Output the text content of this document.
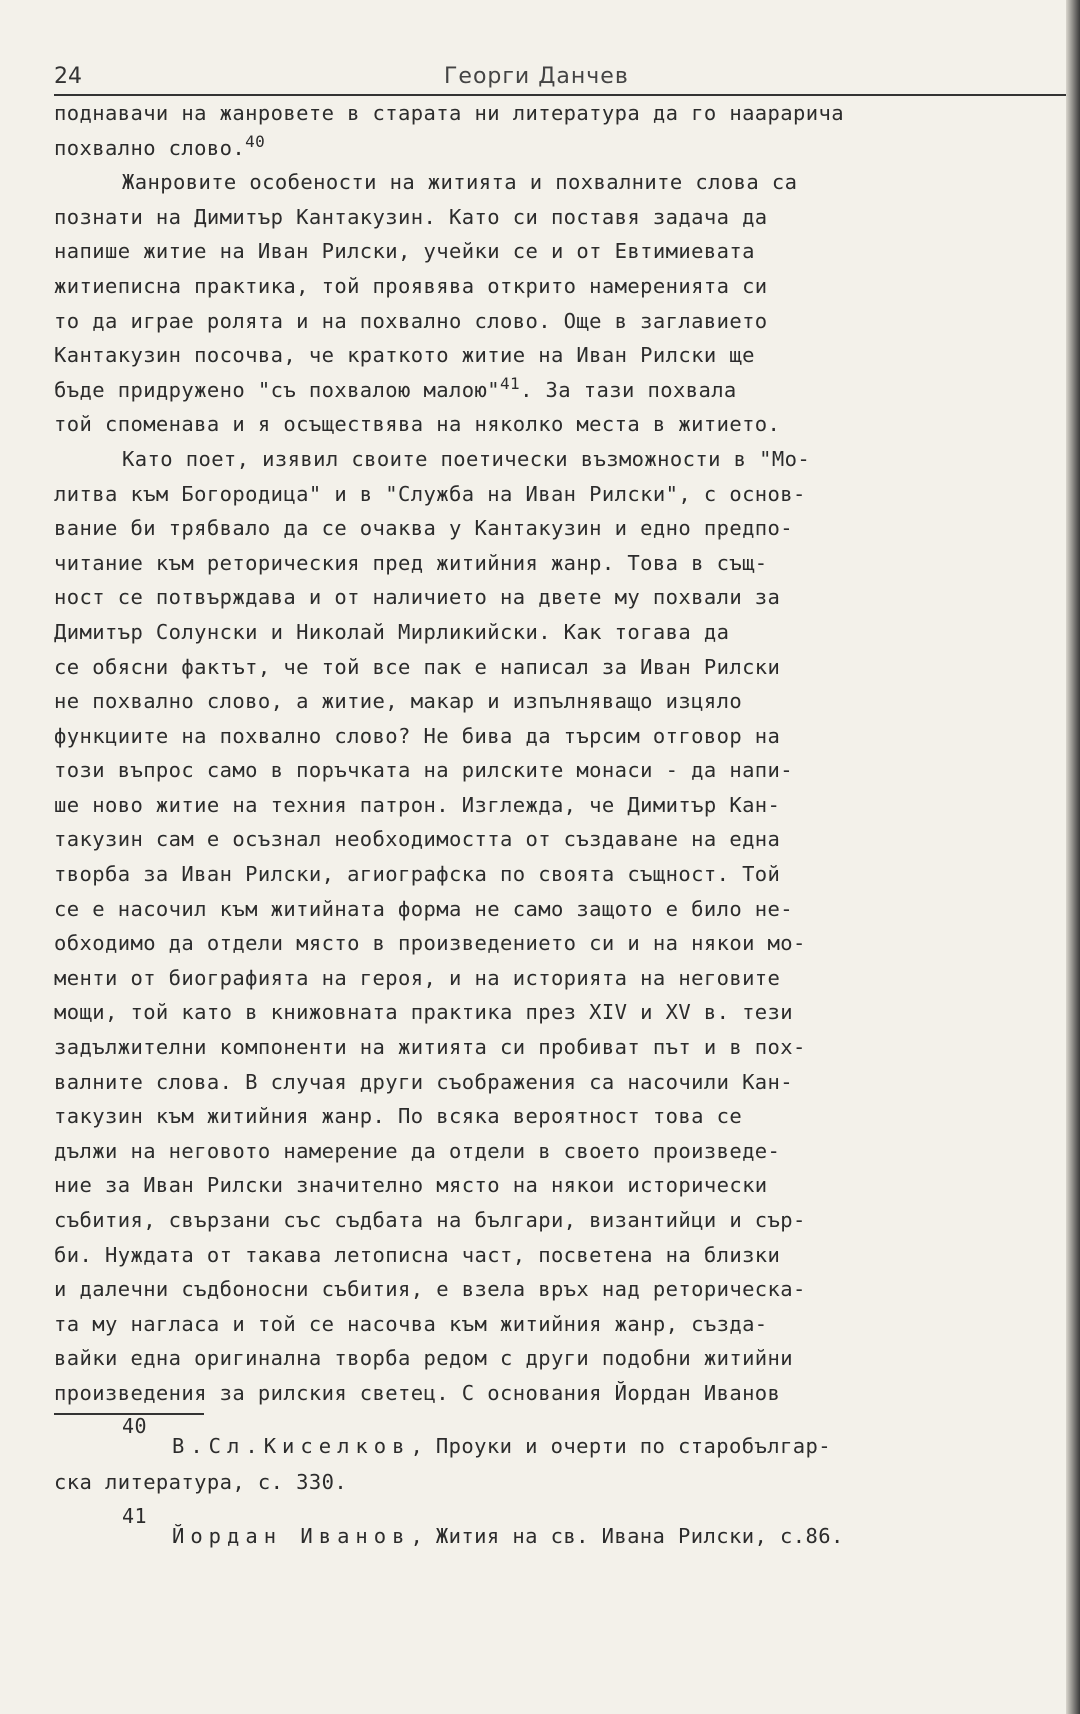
24	Георги Данчев
поднавачи на жанровете в старата ни литература да го наарарича
похвално слово.$^{40}$
Жанровите особености на житията и похвалните слова са
познати на Димитър Кантакузин. Като си поставя задача да
напише житие на Иван Рилски, учейки се и от Евтимиевата
житиеписна практика, той проявява открито намеренията си
то да играе ролята и на похвално слово. Още в заглавието
Кантакузин посочва, че краткото житие на Иван Рилски ще
бъде придружено "съ похвалою малою"$^{41}$. За тази похвала
той споменава и я осъществява на няколко места в житието.
Като поет, изявил своите поетически възможности в "Мо-
литва към Богородица" и в "Служба на Иван Рилски", с основ-
вание би трябвало да се очаква у Кантакузин и едно предпо-
читание към реторическия пред житийния жанр. Това в същ-
ност се потвърждава и от наличието на двете му похвали за
Димитър Солунски и Николай Мирликийски. Как тогава да
се обясни фактът, че той все пак е написал за Иван Рилски
не похвално слово, а житие, макар и изпълняващо изцяло
функциите на похвално слово? Не бива да търсим отговор на
този въпрос само в поръчката на рилските монаси - да напи-
ше ново житие на техния патрон. Изглежда, че Димитър Кан-
такузин сам е осъзнал необходимостта от създаване на една
творба за Иван Рилски, агиографска по своята същност. Той
се е насочил към житийната форма не само защото е било не-
обходимо да отдели място в произведението си и на някои мо-
менти от биографията на героя, и на историята на неговите
мощи, той като в книжовната практика през XIV и XV в. тези
задължителни компоненти на житията си пробиват път и в пох-
валните слова. В случая други съображения са насочили Кан-
такузин към житийния жанр. По всяка вероятност това се
дължи на неговото намерение да отдели в своето произведе-
ние за Иван Рилски значително място на някои исторически
събития, свързани със съдбата на българи, византийци и сър-
би. Нуждата от такава летописна част, посветена на близки
и далечни съдбоносни събития, е взела връх над реторическа-
та му нагласа и той се насочва към житийния жанр, създа-
вайки една оригинална творба редом с други подобни житийни
произведения за рилския светец. С основания Йордан Иванов
40
В.Сл.Киселков, Проуки и очерти по старобългар-
ска литература, с. 330.
41
Йордан Иванов, Жития на св. Ивана Рилски, с.86.
